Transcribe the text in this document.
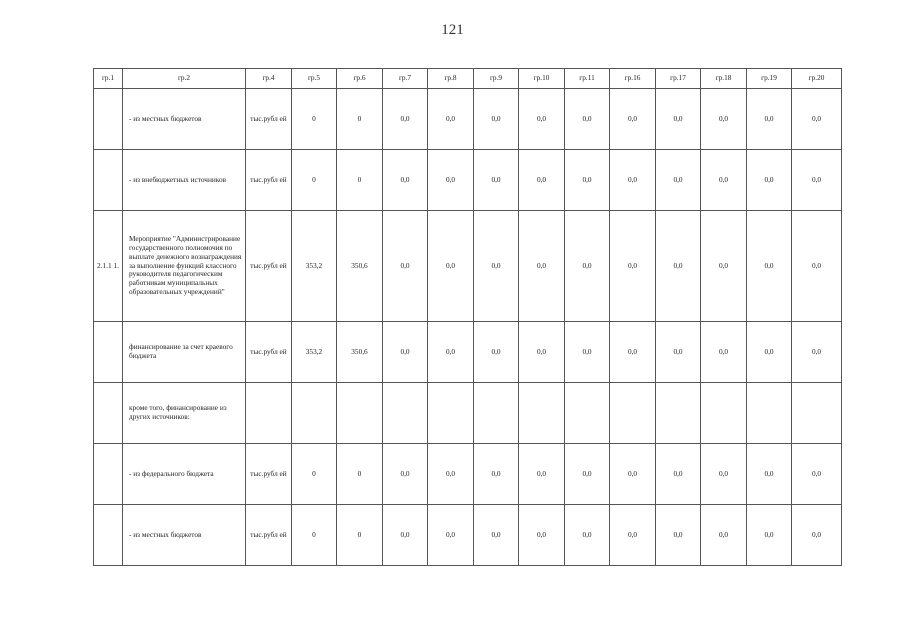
121
гр.1	гр.2	гр.4	гр.5	гр.6	гр.7	гр.8	гр.9	гр.10	гр.11	гр.16	гр.17	гр.18	гр.19	гр.20
	- из местных бюджетов	тыс.рубл ей	0	0	0,0	0,0	0,0	0,0	0,0	0,0	0,0	0,0	0,0	0,0
	- из внебюджетных источников	тыс.рубл ей	0	0	0,0	0,0	0,0	0,0	0,0	0,0	0,0	0,0	0,0	0,0
2.1.1 1.	Мероприятие "Администрирование государственного полномочия по выплате денежного вознаграждения за выполнение функций классного руководителя педагогическим работникам муниципальных образовательных учреждений"	тыс.рубл ей	353,2	350,6	0,0	0,0	0,0	0,0	0,0	0,0	0,0	0,0	0,0	0,0
	финансирование за счет краевого бюджета	тыс.рубл ей	353,2	350,6	0,0	0,0	0,0	0,0	0,0	0,0	0,0	0,0	0,0	0,0
	кроме того, финансирование из других источников:													
	- из федерального бюджета	тыс.рубл ей	0	0	0,0	0,0	0,0	0,0	0,0	0,0	0,0	0,0	0,0	0,0
	- из местных бюджетов	тыс.рубл ей	0	0	0,0	0,0	0,0	0,0	0,0	0,0	0,0	0,0	0,0	0,0
